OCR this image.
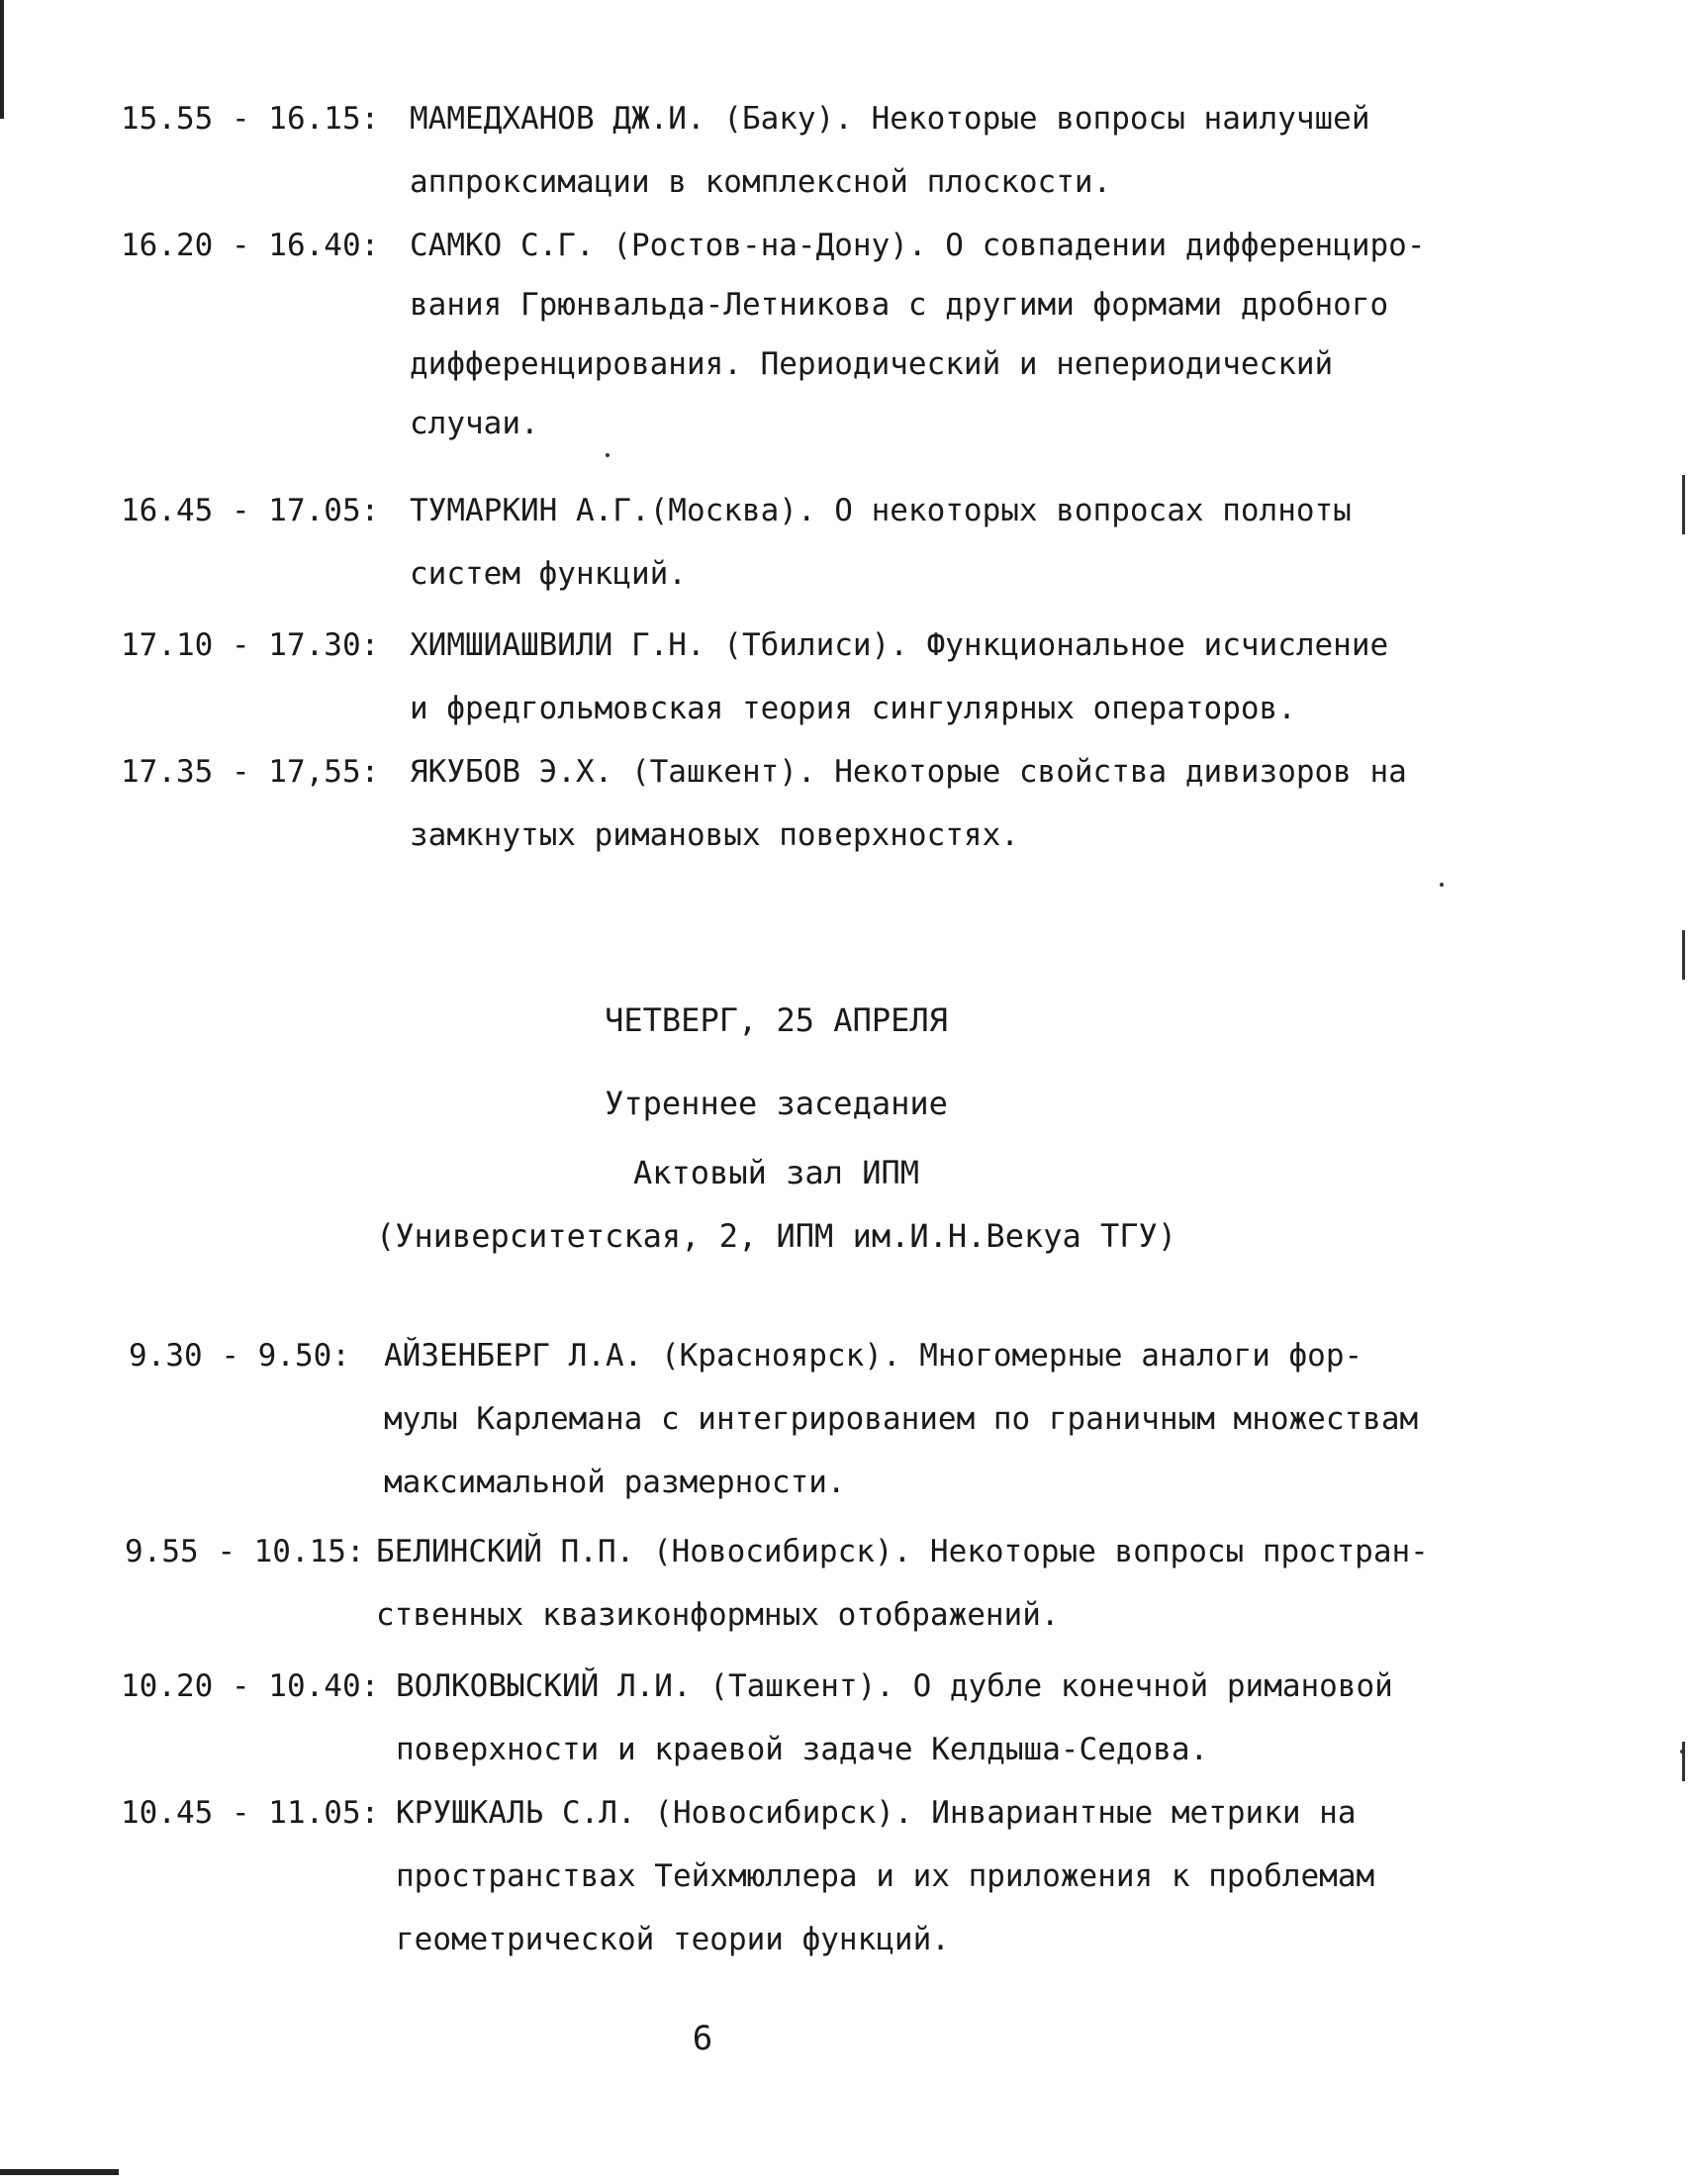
15.55 - 16.15: МАМЕДХАНОВ ДЖ.И. (Баку). Некоторые вопросы наилучшей
аппроксимации в комплексной плоскости.
16.20 - 16.40: САМКО С.Г. (Ростов-на-Дону). О совпадении дифференциро-
вания Грюнвальда-Летникова с другими формами дробного
дифференцирования. Периодический и непериодический
случаи.
16.45 - 17.05: ТУМАРКИН А.Г.(Москва). О некоторых вопросах полноты
систем функций.
17.10 - 17.30: ХИМШИАШВИЛИ Г.Н. (Тбилиси). Функциональное исчисление
и фредгольмовская теория сингулярных операторов.
17.35 - 17,55: ЯКУБОВ Э.Х. (Ташкент). Некоторые свойства дивизоров на
замкнутых римановых поверхностях.
ЧЕТВЕРГ, 25 АПРЕЛЯ
Утреннее заседание
Актовый зал ИПМ
(Университетская, 2, ИПМ им.И.Н.Векуа ТГУ)
9.30 - 9.50: АЙЗЕНБЕРГ Л.А. (Красноярск). Многомерные аналоги фор-
мулы Карлемана с интегрированием по граничным множествам
максимальной размерности.
9.55 - 10.15: БЕЛИНСКИЙ П.П. (Новосибирск). Некоторые вопросы простран-
ственных квазиконформных отображений.
10.20 - 10.40: ВОЛКОВЫСКИЙ Л.И. (Ташкент). О дубле конечной римановой
поверхности и краевой задаче Келдыша-Седова.
10.45 - 11.05: КРУШКАЛЬ С.Л. (Новосибирск). Инвариантные метрики на
пространствах Тейхмюллера и их приложения к проблемам
геометрической теории функций.
6
